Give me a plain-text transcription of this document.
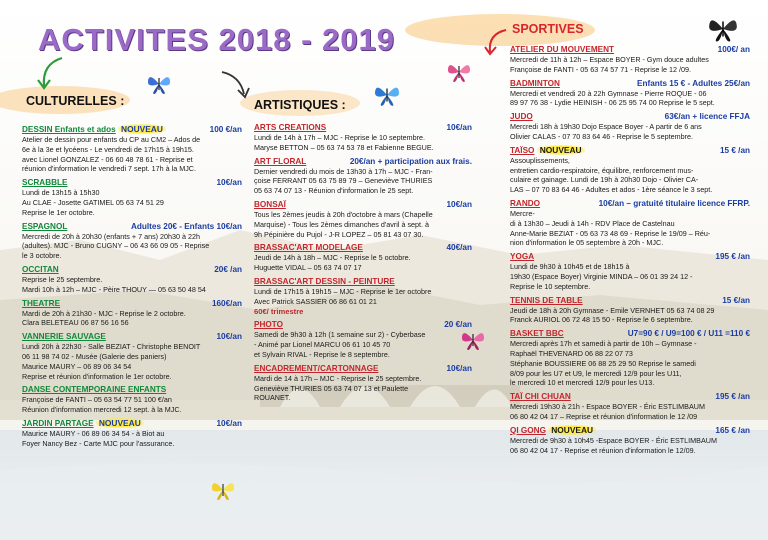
ACTIVITES 2018 - 2019
CULTURELLES :	ARTISTIQUES :
SPORTIVES
DESSIN Enfants et ados NOUVEAU	100 €/an
Atelier de dessin pour enfants du CP au CM2 – Ados de
6e à la 3e et lycéens - Le vendredi de 17h15 à 19h15.
avec Lionel GONZALEZ - 06 60 48 78 61 - Reprise et
réunion d'information le vendredi 7 sept. 17h à la MJC.
SCRABBLE	10€/an
Lundi de 13h15 à 15h30
Au CLAE - Josette GATIMEL 05 63 74 51 29
Reprise le 1er octobre.
ESPAGNOL	Adultes 20€ - Enfants 10€/an
Mercredi de 20h à 20h30 (enfants + 7 ans) 20h30 à 22h
(adultes). MJC - Bruno CUGNY – 06 43 66 09 05 - Reprise
le 3 octobre.
OCCITAN	20€ /an
Reprise le 25 septembre.
Mardi 10h à 12h – MJC - Pèire THOUY — 05 63 50 48 54
THEATRE	160€/an
Mardi de 20h à 21h30 - MJC - Reprise le 2 octobre.
Clara BELETEAU 06 87 56 16 56
VANNERIE SAUVAGE	10€/an
Lundi 20h à 22h30 - Salle BEZIAT - Christophe BENOIT
06 11 98 74 02 - Musée (Galerie des paniers)
Maurice MAURY – 06 89 06 34 54
Reprise et réunion d'information le 1er octobre.
DANSE CONTEMPORAINE ENFANTS
Françoise de FANTI – 05 63 54 77 51 100 €/an
Réunion d'information mercredi 12 sept. à la MJC.
JARDIN PARTAGE NOUVEAU	10€/an
Maurice MAURY - 06 89 06 34 54 - à Biot au
Foyer Nancy Bez - Carte MJC pour l'assurance.
ARTS CREATIONS	10€/an
Lundi de 14h à 17h – MJC - Reprise le 10 septembre.
Maryse BETTON – 05 63 74 53 78 et Fabienne BEGUE.
ART FLORAL	20€/an + participation aux frais.
Dernier vendredi du mois de 13h30 à 17h – MJC - Fran-
çoise FERRANT 05 63 75 89 79 – Geneviève THURIES
05 63 74 07 13 - Réunion d'information le 25 sept.
BONSAÏ	10€/an
Tous les 2èmes jeudis à 20h d'octobre à mars (Chapelle
Marquise) - Tous les 2èmes dimanches d'avril à sept. à
9h Pépinière du Pujol - J-R LOPEZ – 05 81 43 07 30.
BRASSAC'ART MODELAGE	40€/an
Jeudi de 14h à 18h – MJC - Reprise le 5 octobre.
Huguette VIDAL – 05 63 74 07 17
BRASSAC'ART DESSIN - PEINTURE
Lundi de 17h15 à 19h15 – MJC - Reprise le 1er octobre
Avec Patrick SASSIER 06 86 61 01 21
60€/ trimestre
PHOTO	20 €/an
Samedi de 9h30 à 12h (1 semaine sur 2) - Cyberbase
- Animé par Lionel MARCU 06 61 10 45 70
et Sylvain RIVAL - Reprise le 8 septembre.
ENCADREMENT/CARTONNAGE	10€/an
Mardi de 14 à 17h – MJC - Reprise le 25 septembre.
Geneviève THURIES 05 63 74 07 13 et Paulette
ROUANET.
ATELIER DU MOUVEMENT	100€/ an
Mercredi de 11h à 12h – Espace BOYER - Gym douce adultes
Françoise de FANTI - 05 63 74 57 71 - Reprise le 12 /09.
BADMINTON	Enfants 15 € - Adultes 25€/an
Mercredi et vendredi 20 à 22h Gymnase - Pierre ROQUE - 06
89 97 76 38 - Lydie HEINISH - 06 25 95 74 00 Reprise le 5 sept.
JUDO	63€/an + licence FFJA
Mercredi 18h à 19h30 Dojo Espace Boyer - A partir de 6 ans
Olivier CALAS - 07 70 83 64 46 - Reprise le 5 septembre.
TAÏSO NOUVEAU	15 € /an
Assouplissements,
entretien cardio-respiratoire, équilibre, renforcement mus-
culaire et gainage. Lundi de 19h à 20h30 Dojo - Olivier CA-
LAS – 07 70 83 64 46 - Adultes et ados - 1ère séance le 3 sept.
RANDO	10€/an – gratuité titulaire licence FFRP.
Mercre-
di à 13h30 – Jeudi à 14h - RDV Place de Castelnau
Anne-Marie BEZIAT - 05 63 73 48 69 - Reprise le 19/09 – Réu-
nion d'information le 05 septembre à 20h - MJC.
YOGA	195 € /an
Lundi de 9h30 à 10h45 et de 18h15 à
19h30 (Espace Boyer) Virginie MINDA – 06 01 39 24 12 -
Reprise le 10 septembre.
TENNIS DE TABLE	15 €/an
Jeudi de 18h à 20h Gymnase - Emile VERNHET 05 63 74 08 29
Franck AURIOL 06 72 48 15 50 - Reprise le 6 septembre.
BASKET BBC	U7=90 € / U9=100 € / U11 =110 €
Mercredi après 17h et samedi à partir de 10h – Gymnase -
Raphaël THEVENARD 06 88 22 07 73
Stéphanie BOUSSIERE 06 88 25 29 50 Reprise le samedi
8/09 pour les U7 et U9, le mercredi 12/9 pour les U11,
le mercredi 10 et mercredi 12/9 pour les U13.
TAÏ CHI CHUAN	195 € /an
Mercredi 19h30 à 21h - Espace BOYER - Éric ESTLIMBAUM
06 80 42 04 17 – Reprise et réunion d'information le 12 /09
QI GONG NOUVEAU	165 € /an
Mercredi de 9h30 à 10h45 -Espace BOYER - Éric ESTLIMBAUM
06 80 42 04 17 - Reprise et réunion d'information le 12/09.
